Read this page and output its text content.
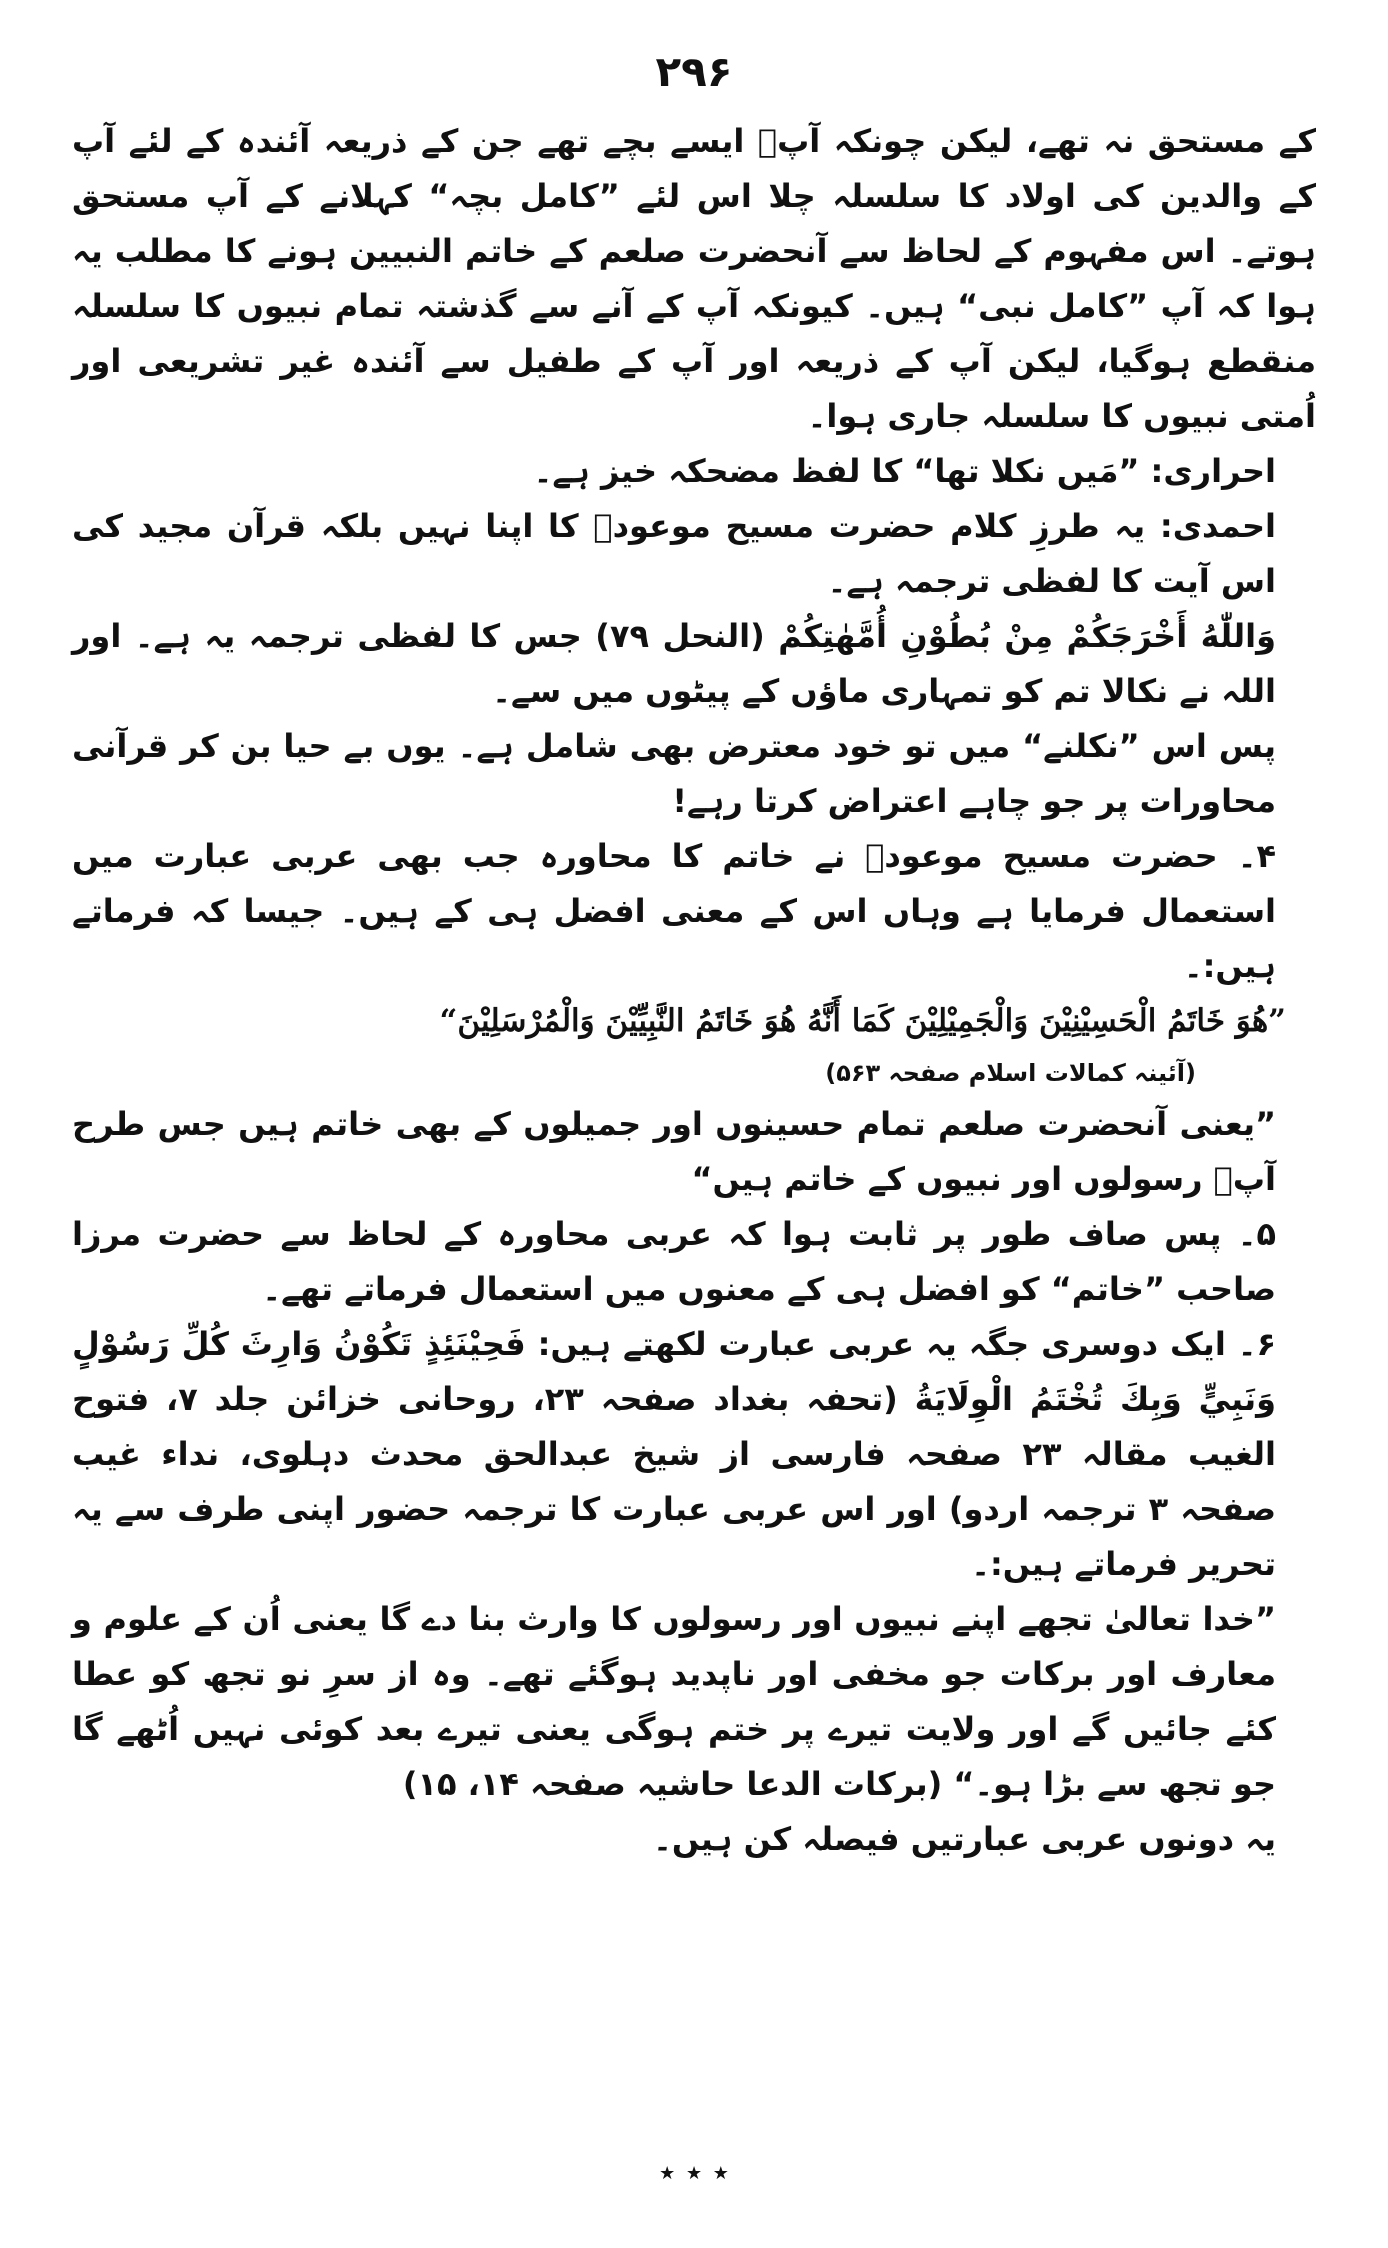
۲۹۶

کے مستحق نہ تھے، لیکن چونکہ آپؐ ایسے بچے تھے جن کے ذریعہ آئندہ کے لئے آپ کے والدین کی اولاد کا سلسلہ چلا اس لئے ”کامل بچہ“ کہلانے کے آپ مستحق ہوتے۔ اس مفہوم کے لحاظ سے آنحضرت صلعم کے خاتم النبیین ہونے کا مطلب یہ ہوا کہ آپ ”کامل نبی“ ہیں۔ کیونکہ آپ کے آنے سے گذشتہ تمام نبیوں کا سلسلہ منقطع ہوگیا، لیکن آپ کے ذریعہ اور آپ کے طفیل سے آئندہ غیر تشریعی اور اُمتی نبیوں کا سلسلہ جاری ہوا۔

احراری: ”مَیں نکلا تھا“ کا لفظ مضحکہ خیز ہے۔

احمدی: یہ طرزِ کلام حضرت مسیح موعودؑ کا اپنا نہیں بلکہ قرآن مجید کی اس آیت کا لفظی ترجمہ ہے۔

وَاللّٰهُ أَخْرَجَكُمْ مِنْ بُطُوْنِ أُمَّهٰتِكُمْ (النحل ۷۹) جس کا لفظی ترجمہ یہ ہے۔ اور اللہ نے نکالا تم کو تمہاری ماؤں کے پیٹوں میں سے۔

پس اس ”نکلنے“ میں تو خود معترض بھی شامل ہے۔ یوں بے حیا بن کر قرآنی محاورات پر جو چاہے اعتراض کرتا رہے!

۴۔ حضرت مسیح موعودؑ نے خاتم کا محاورہ جب بھی عربی عبارت میں استعمال فرمایا ہے وہاں اس کے معنی افضل ہی کے ہیں۔ جیسا کہ فرماتے ہیں:۔

”هُوَ خَاتَمُ الْحَسِيْنِيْنَ وَالْجَمِيْلِيْنَ كَمَا أَنَّهُ هُوَ خَاتَمُ النَّبِيِّيْنَ وَالْمُرْسَلِيْنَ“

(آئینہ کمالات اسلام صفحہ ۵۶۳)

”یعنی آنحضرت صلعم تمام حسینوں اور جمیلوں کے بھی خاتم ہیں جس طرح آپؐ رسولوں اور نبیوں کے خاتم ہیں“

۵۔ پس صاف طور پر ثابت ہوا کہ عربی محاورہ کے لحاظ سے حضرت مرزا صاحب ”خاتم“ کو افضل ہی کے معنوں میں استعمال فرماتے تھے۔

۶۔ ایک دوسری جگہ یہ عربی عبارت لکھتے ہیں: فَحِيْنَئِذٍ تَكُوْنُ وَارِثَ كُلِّ رَسُوْلٍ وَنَبِيٍّ وَبِكَ تُخْتَمُ الْوِلَايَةُ (تحفہ بغداد صفحہ ۲۳، روحانی خزائن جلد ۷، فتوح الغیب مقالہ ۲۳ صفحہ فارسی از شیخ عبدالحق محدث دہلوی، نداء غیب صفحہ ۳ ترجمہ اردو) اور اس عربی عبارت کا ترجمہ حضور اپنی طرف سے یہ تحریر فرماتے ہیں:۔

”خدا تعالیٰ تجھے اپنے نبیوں اور رسولوں کا وارث بنا دے گا یعنی اُن کے علوم و معارف اور برکات جو مخفی اور ناپدید ہوگئے تھے۔ وہ از سرِ نو تجھ کو عطا کئے جائیں گے اور ولایت تیرے پر ختم ہوگی یعنی تیرے بعد کوئی نہیں اُٹھے گا جو تجھ سے بڑا ہو۔“ (برکات الدعا حاشیہ صفحہ ۱۴، ۱۵)

یہ دونوں عربی عبارتیں فیصلہ کن ہیں۔

٭ ٭ ٭
